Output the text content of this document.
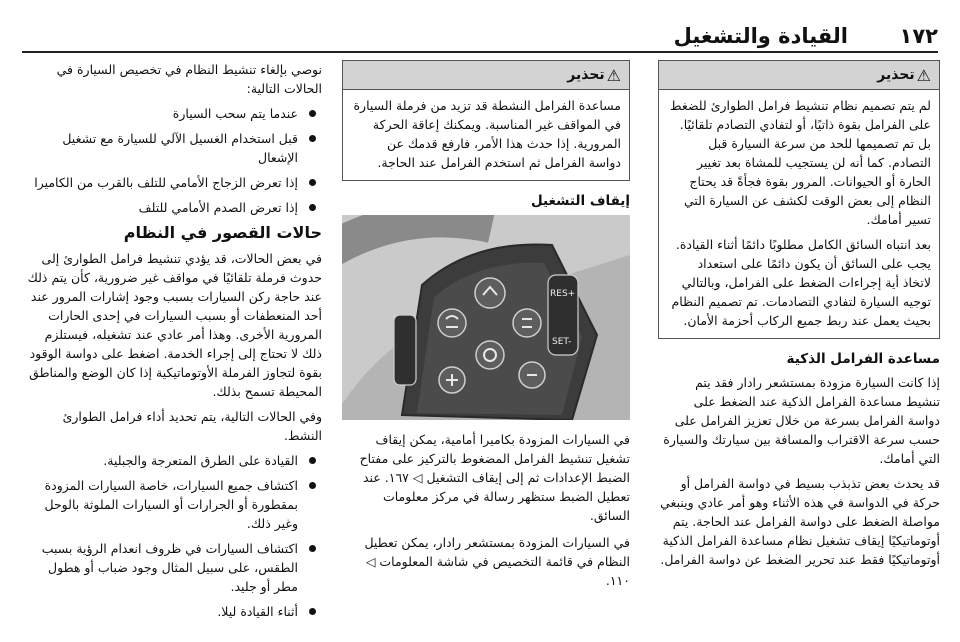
١٧٢
القيادة والتشغيل
⚠
تحذير

لم يتم تصميم نظام تنشيط فرامل الطوارئ للضغط على الفرامل بقوة ذاتيًا، أو لتفادي التصادم تلقائيًا. بل تم تصميمها للحد من سرعة السيارة قبل التصادم. كما أنه لن يستجيب للمشاة بعد تغيير الحارة أو الحيوانات. المرور بقوة فجأةً قد يحتاج النظام إلى بعض الوقت لكشف عن السيارة التي تسير أمامك.

بعد انتباه السائق الكامل مطلوبًا دائمًا أثناء القيادة. يجب على السائق أن يكون دائمًا على استعداد لاتخاذ أية إجراءات الضغط على الفرامل، وبالتالي توجيه السيارة لتفادي التصادمات. تم تصميم النظام بحيث يعمل عند ربط جميع الركاب أحزمة الأمان.

مساعدة الفرامل الذكية

إذا كانت السيارة مزودة بمستشعر رادار فقد يتم تنشيط مساعدة الفرامل الذكية عند الضغط على دواسة الفرامل بسرعة من خلال تعزيز الفرامل على حسب سرعة الاقتراب والمسافة بين سيارتك والسيارة التي أمامك.

قد يحدث بعض تذبذب بسيط في دواسة الفرامل أو حركة في الدواسة في هذه الأثناء وهو أمر عادي وينبغي مواصلة الضغط على دواسة الفرامل عند الحاجة. يتم أوتوماتيكيًا إيقاف تشغيل نظام مساعدة الفرامل الذكية أوتوماتيكيًا فقط عند تحرير الضغط عن دواسة الفرامل.

⚠
تحذير

مساعدة الفرامل النشطة قد تزيد من فرملة السيارة في المواقف غير المناسبة. ويمكنك إعاقة الحركة المرورية. إذا حدث هذا الأمر، فارفع قدمك عن دواسة الفرامل ثم استخدم الفرامل عند الحاجة.

إيقاف التشغيل
RES+
SET-

في السيارات المزودة بكاميرا أمامية، يمكن إيقاف تشغيل تنشيط الفرامل المضغوط بالتركيز على مفتاح الضبط الإعدادات ثم إلى إيقاف التشغيل ◁ ١٦٧. عند تعطيل الضبط ستظهر رسالة في مركز معلومات السائق.

في السيارات المزودة بمستشعر رادار، يمكن تعطيل النظام في قائمة التخصيص في شاشة المعلومات ◁ ١١٠.

نوصي بإلغاء تنشيط النظام في تخصيص السيارة في الحالات التالية:

عندما يتم سحب السيارة
قبل استخدام الغسيل الآلي للسيارة مع تشغيل الإشعال
إذا تعرض الزجاج الأمامي للتلف بالقرب من الكاميرا
إذا تعرض الصدم الأمامي للتلف
حالات القصور في النظام

في بعض الحالات، قد يؤدي تنشيط فرامل الطوارئ إلى حدوث فرملة تلقائيًا في مواقف غير ضرورية، كأن يتم ذلك عند حاجة ركن السيارات بسبب وجود إشارات المرور عند أحد المنعطفات أو بسبب السيارات في إحدى الحارات المرورية الأخرى. وهذا أمر عادي عند تشغيله، فيستلزم ذلك لا تحتاج إلى إجراء الخدمة. اضغط على دواسة الوقود بقوة لتجاوز الفرملة الأوتوماتيكية إذا كان الوضع والمناطق المحيطة تسمح بذلك.

وفي الحالات التالية، يتم تحديد أداء فرامل الطوارئ النشط.

القيادة على الطرق المتعرجة والجبلية.
اكتشاف جميع السيارات، خاصة السيارات المزودة بمقطورة أو الجرارات أو السيارات الملوثة بالوحل وغير ذلك.
اكتشاف السيارات في ظروف انعدام الرؤية بسبب الطقس، على سبيل المثال وجود ضباب أو هطول مطر أو جليد.
أثناء القيادة ليلا.
